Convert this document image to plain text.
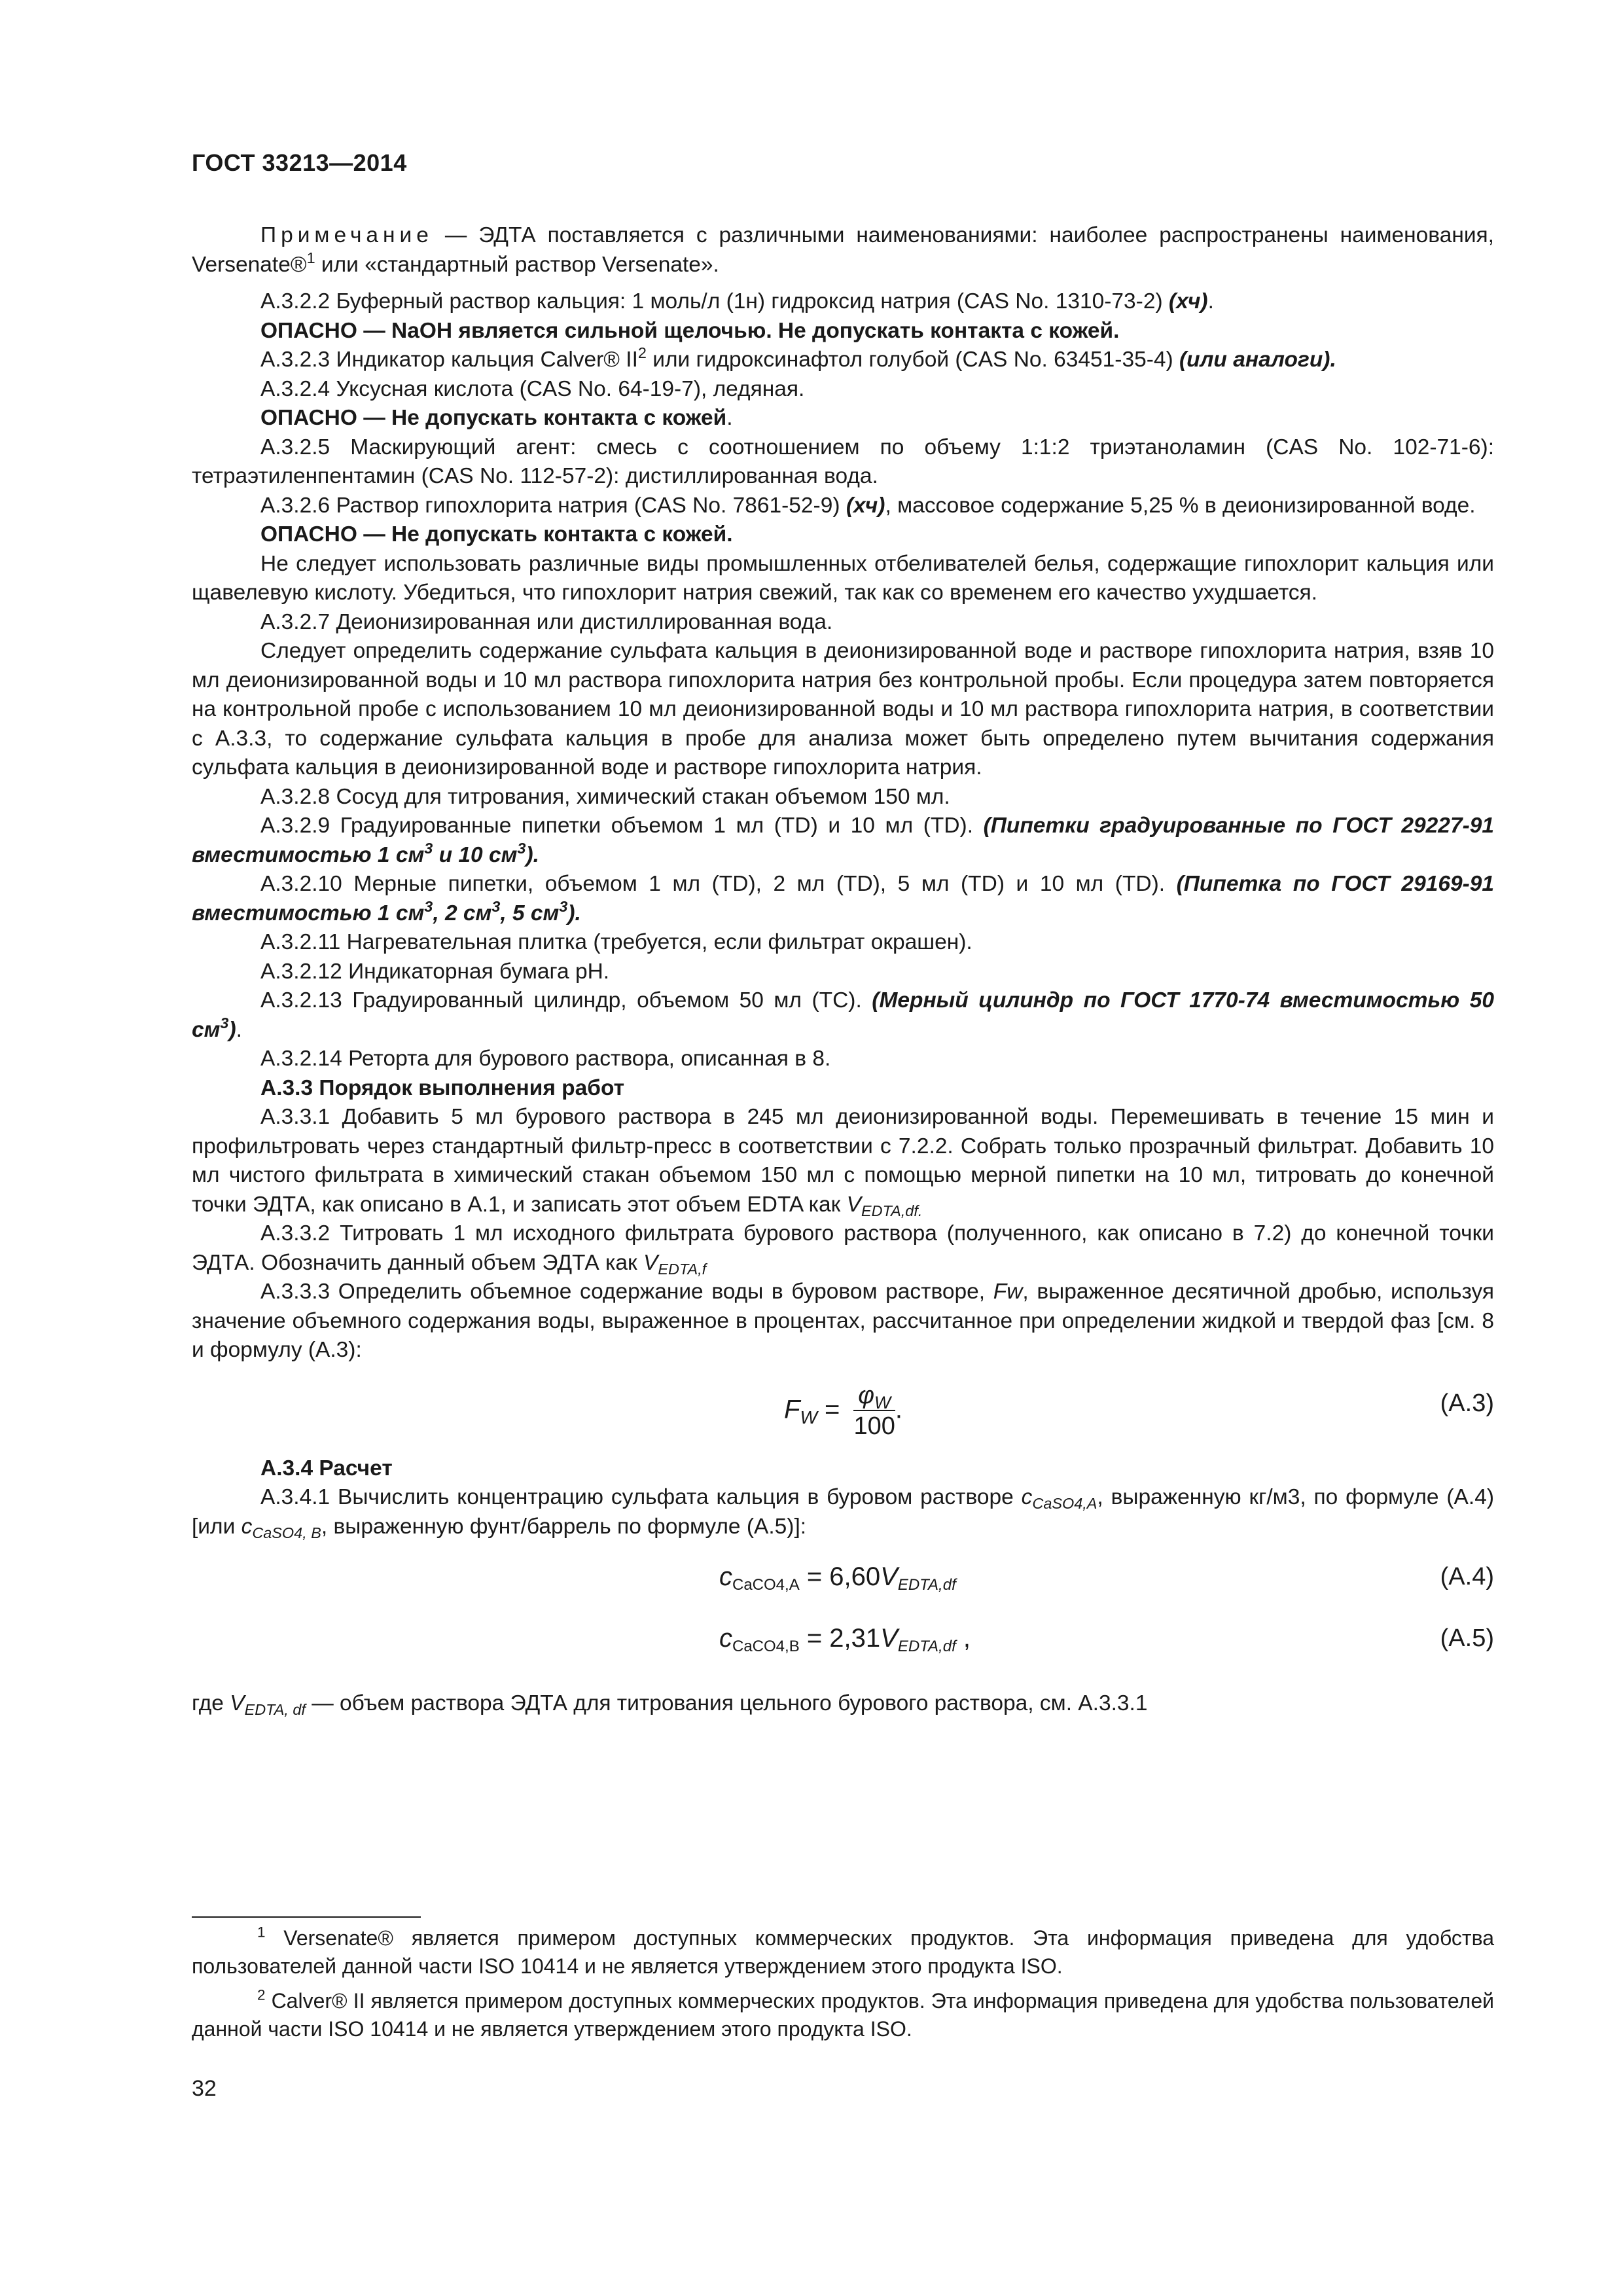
ГОСТ 33213—2014

Примечание — ЭДТА поставляется с различными наименованиями: наиболее распространены наименования, Versenate®$^1$ или «стандартный раствор Versenate».

А.3.2.2 Буферный раствор кальция: 1 моль/л (1н) гидроксид натрия (CAS No. 1310-73-2) (хч).

ОПАСНО — NaOH является сильной щелочью. Не допускать контакта с кожей.

А.3.2.3 Индикатор кальция Calver® $II^2$ или гидроксинафтол голубой (CAS No. 63451-35-4) (или аналоги).

А.3.2.4 Уксусная кислота (CAS No. 64-19-7), ледяная.

ОПАСНО — Не допускать контакта с кожей.

А.3.2.5 Маскирующий агент: смесь с соотношением по объему 1:1:2 триэтаноламин (CAS No. 102-71-6): тетраэтиленпентамин (CAS No. 112-57-2): дистиллированная вода.

А.3.2.6 Раствор гипохлорита натрия (CAS No. 7861-52-9) (хч), массовое содержание 5,25 % в деионизированной воде.

ОПАСНО — Не допускать контакта с кожей.

Не следует использовать различные виды промышленных отбеливателей белья, содержащие гипохлорит кальция или щавелевую кислоту. Убедиться, что гипохлорит натрия свежий, так как со временем его качество ухудшается.

А.3.2.7 Деионизированная или дистиллированная вода.

Следует определить содержание сульфата кальция в деионизированной воде и растворе гипохлорита натрия, взяв 10 мл деионизированной воды и 10 мл раствора гипохлорита натрия без контрольной пробы. Если процедура затем повторяется на контрольной пробе с использованием 10 мл деионизированной воды и 10 мл раствора гипохлорита натрия, в соответствии с А.3.3, то содержание сульфата кальция в пробе для анализа может быть определено путем вычитания содержания сульфата кальция в деионизированной воде и растворе гипохлорита натрия.

А.3.2.8 Сосуд для титрования, химический стакан объемом 150 мл.

А.3.2.9 Градуированные пипетки объемом 1 мл (TD) и 10 мл (TD). (Пипетки градуированные по ГОСТ 29227-91 вместимостью 1 $см^3$ и 10 $см^3$).

А.3.2.10 Мерные пипетки, объемом 1 мл (TD), 2 мл (TD), 5 мл (TD) и 10 мл (TD). (Пипетка по ГОСТ 29169-91 вместимостью 1 $см^3$, 2 $см^3$, 5 $см^3$).

А.3.2.11 Нагревательная плитка (требуется, если фильтрат окрашен).

А.3.2.12 Индикаторная бумага pH.

А.3.2.13 Градуированный цилиндр, объемом 50 мл (TC). (Мерный цилиндр по ГОСТ 1770-74 вместимостью 50 $см^3$).

А.3.2.14 Реторта для бурового раствора, описанная в 8.

А.3.3 Порядок выполнения работ

А.3.3.1 Добавить 5 мл бурового раствора в 245 мл деионизированной воды. Перемешивать в течение 15 мин и профильтровать через стандартный фильтр-пресс в соответствии с 7.2.2. Собрать только прозрачный фильтрат. Добавить 10 мл чистого фильтрата в химический стакан объемом 150 мл с помощью мерной пипетки на 10 мл, титровать до конечной точки ЭДТА, как описано в А.1, и записать этот объем EDTA как $V_{EDTA,df.}$

А.3.3.2 Титровать 1 мл исходного фильтрата бурового раствора (полученного, как описано в 7.2) до конечной точки ЭДТА. Обозначить данный объем ЭДТА как $V_{EDTA,f}$

А.3.3.3 Определить объемное содержание воды в буровом растворе, Fw, выраженное десятичной дробью, используя значение объемного содержания воды, выраженное в процентах, рассчитанное при определении жидкой и твердой фаз [см. 8 и формулу (А.3):

$F_W = \frac{\varphi_W}{100}$ .	(А.3)

А.3.4 Расчет

А.3.4.1 Вычислить концентрацию сульфата кальция в буровом растворе $c_{CaSO4,A}$, выраженную кг/м3, по формуле (А.4) [или $c_{CaSO4, B}$, выраженную фунт/баррель по формуле (А.5)]:

$c_{CaCO4,A} = 6,60V_{EDTA,df}$	(А.4)
$c_{CaCO4,B} = 2,31V_{EDTA,df}$ ,	(А.5)

где $V_{EDTA, df}$ — объем раствора ЭДТА для титрования цельного бурового раствора, см. А.3.3.1

$^1$ Versenate® является примером доступных коммерческих продуктов. Эта информация приведена для удобства пользователей данной части ISO 10414 и не является утверждением этого продукта ISO.

$^2$ Calver® II является примером доступных коммерческих продуктов. Эта информация приведена для удобства пользователей данной части ISO 10414 и не является утверждением этого продукта ISO.

32
